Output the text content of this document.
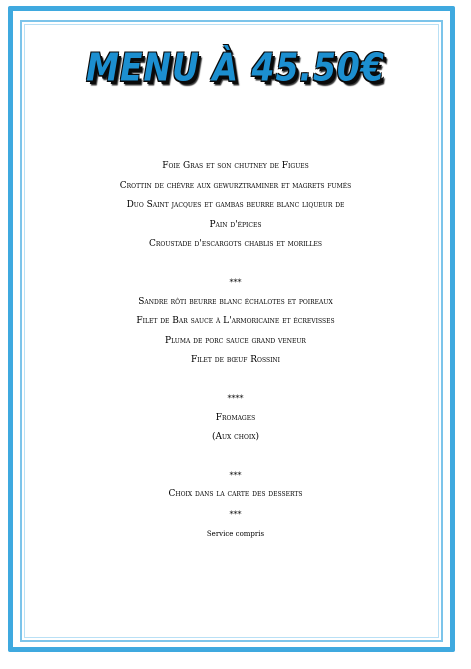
MENU À 45.50€
Foie Gras et son chutney de Figues
Crottin de chèvre aux gewurztraminer et magrets fumés
Duo Saint jacques et gambas beurre blanc liqueur de
Pain d'épices
Croustade d'escargots chablis et morilles
***
Sandre rôti beurre blanc échalotes et poireaux
Filet de Bar sauce à L'armoricaine et écrevisses
Pluma de porc sauce grand veneur
Filet de bœuf Rossini
****
Fromages
(Aux choix)
***
Choix dans la carte des desserts
***
Service compris
